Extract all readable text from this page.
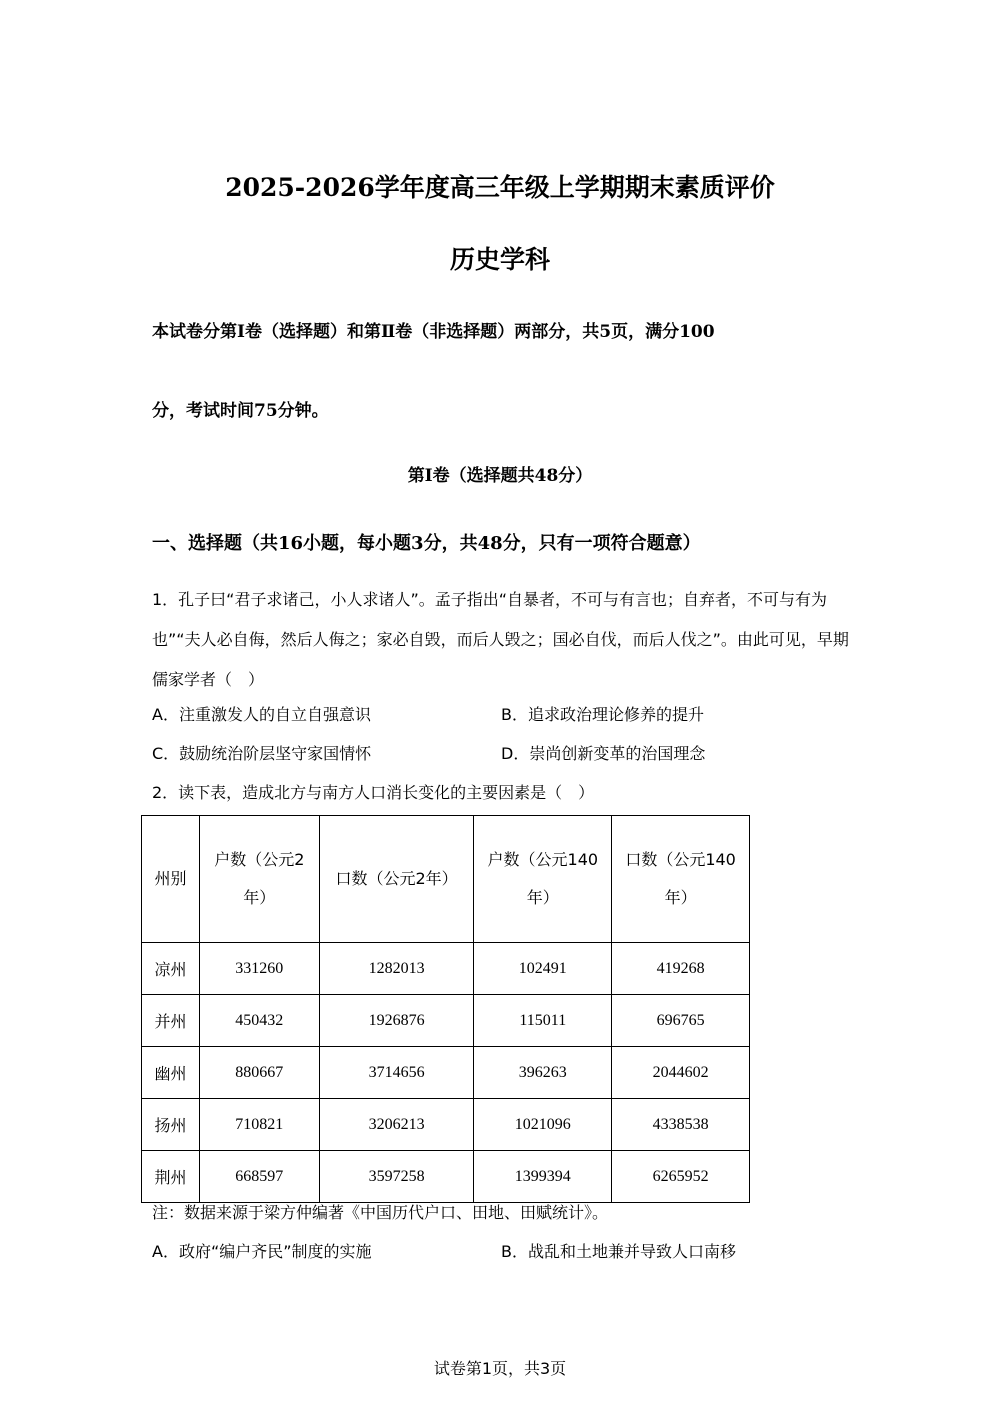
2025-2026学年度高三年级上学期期末素质评价
历史学科
本试卷分第Ⅰ卷（选择题）和第Ⅱ卷（非选择题）两部分，共5页，满分100
分，考试时间75分钟。
第Ⅰ卷（选择题共48分）
一、选择题（共16小题，每小题3分，共48分，只有一项符合题意）
1．孔子曰“君子求诸己，小人求诸人”。孟子指出“自暴者，不可与有言也；自弃者，不可与有为也”“夫人必自侮，然后人侮之；家必自毁，而后人毁之；国必自伐，而后人伐之”。由此可见，早期儒家学者（　）
A．注重激发人的自立自强意识	B．追求政治理论修养的提升
C．鼓励统治阶层坚守家国情怀	D．崇尚创新变革的治国理念
2．读下表，造成北方与南方人口消长变化的主要因素是（　）
州别	户数（公元2年）	口数（公元2年）	户数（公元140年）	口数（公元140年）
凉州	331260	1282013	102491	419268
并州	450432	1926876	115011	696765
幽州	880667	3714656	396263	2044602
扬州	710821	3206213	1021096	4338538
荆州	668597	3597258	1399394	6265952
注：数据来源于梁方仲编著《中国历代户口、田地、田赋统计》。
A．政府“编户齐民”制度的实施	B．战乱和土地兼并导致人口南移
试卷第1页，共3页
